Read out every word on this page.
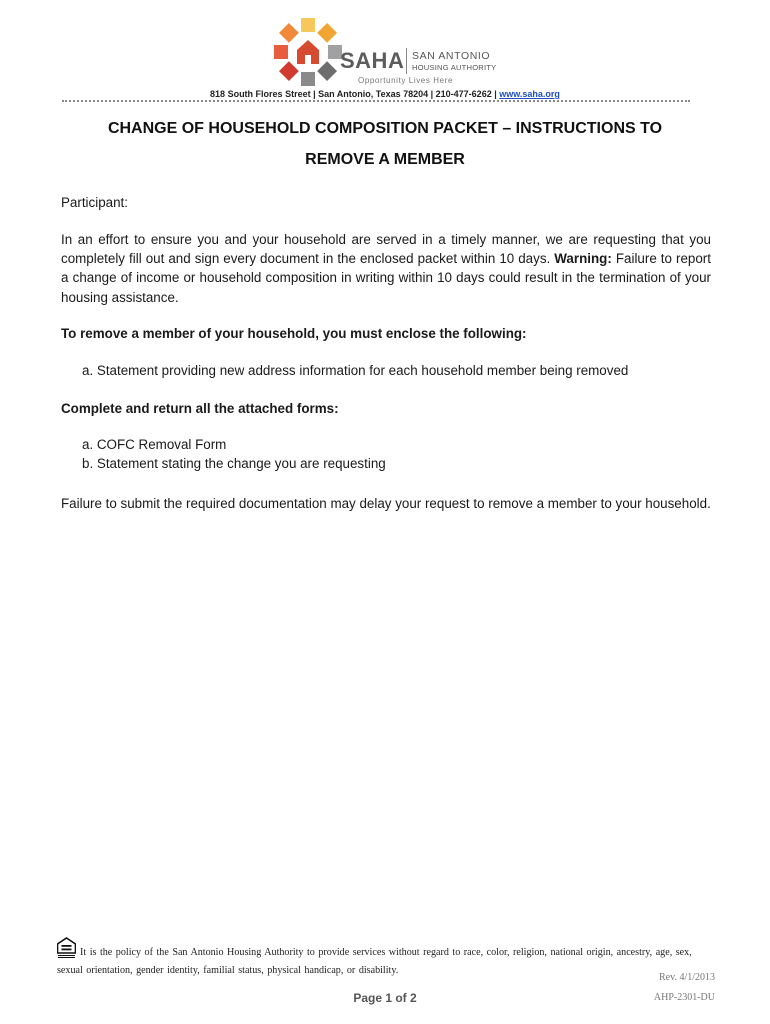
SAHA SAN ANTONIO
HOUSING AUTHORITY
Opportunity Lives Here
818 South Flores Street | San Antonio, Texas 78204 | 210-477-6262 | www.saha.org
CHANGE OF HOUSEHOLD COMPOSITION PACKET – INSTRUCTIONS TO
REMOVE A MEMBER
Participant:
In an effort to ensure you and your household are served in a timely manner, we are requesting that you completely fill out and sign every document in the enclosed packet within 10 days. Warning: Failure to report a change of income or household composition in writing within 10 days could result in the termination of your housing assistance.
To remove a member of your household, you must enclose the following:
a. Statement providing new address information for each household member being removed
Complete and return all the attached forms:
a. COFC Removal Form
b. Statement stating the change you are requesting
Failure to submit the required documentation may delay your request to remove a member to your household.
It is the policy of the San Antonio Housing Authority to provide services without regard to race, color, religion, national origin, ancestry, age, sex, sexual orientation, gender identity, familial status, physical handicap, or disability.
Rev. 4/1/2013
Page 1 of 2	AHP-2301-DU
